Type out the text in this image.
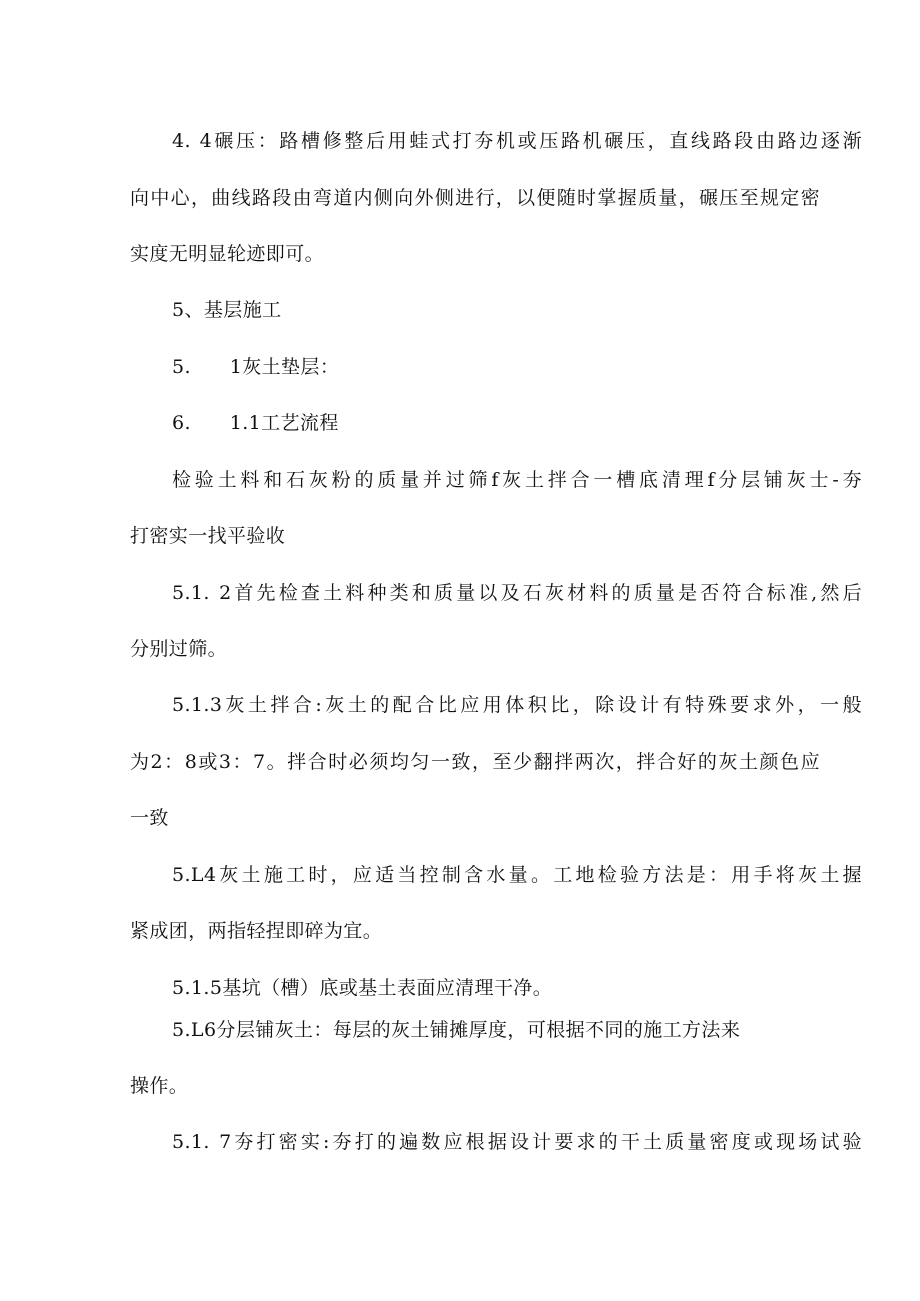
4. 4碾压：路槽修整后用蛙式打夯机或压路机碾压，直线路段由路边逐渐
向中心，曲线路段由弯道内侧向外侧进行，以便随时掌握质量，碾压至规定密
实度无明显轮迹即可。
5、基层施工
5.　　1灰土垫层：
6.　　1.1工艺流程
检验土料和石灰粉的质量并过筛f灰土拌合一槽底清理f分层铺灰士-夯
打密实一找平验收
5.1. 2首先检查土料种类和质量以及石灰材料的质量是否符合标准,然后
分别过筛。
5.1.3灰土拌合:灰土的配合比应用体积比，除设计有特殊要求外，一般
为2：8或3：7。拌合时必须均匀一致，至少翻拌两次，拌合好的灰土颜色应
一致
5.L4灰土施工时，应适当控制含水量。工地检验方法是：用手将灰土握
紧成团，两指轻捏即碎为宜。
5.1.5基坑（槽）底或基土表面应清理干净。
5.L6分层铺灰土：每层的灰土铺摊厚度，可根据不同的施工方法来
操作。
5.1. 7夯打密实:夯打的遍数应根据设计要求的干土质量密度或现场试验
